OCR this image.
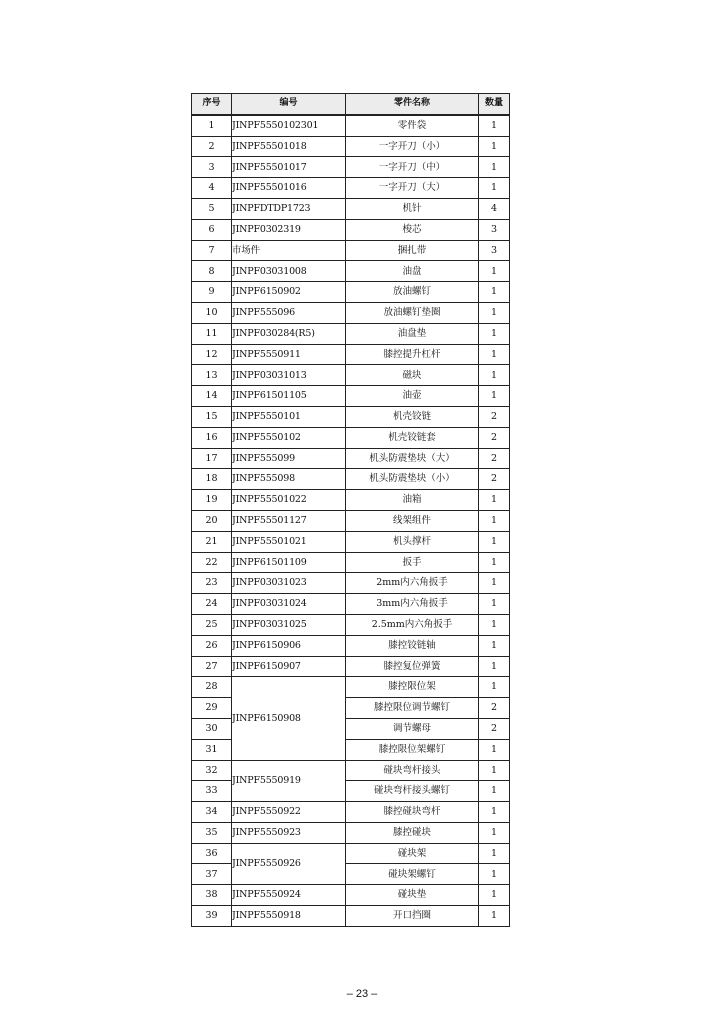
序号	编号	零件名称	数量
1	JINPF5550102301	零件袋	1
2	JINPF55501018	一字开刀（小）	1
3	JINPF55501017	一字开刀（中）	1
4	JINPF55501016	一字开刀（大）	1
5	JINPFDTDP1723	机针	4
6	JINPF0302319	梭芯	3
7	市场件	捆扎带	3
8	JINPF03031008	油盘	1
9	JINPF6150902	放油螺钉	1
10	JINPF555096	放油螺钉垫圈	1
11	JINPF030284(R5)	油盘垫	1
12	JINPF5550911	膝控提升杠杆	1
13	JINPF03031013	磁块	1
14	JINPF61501105	油壶	1
15	JINPF5550101	机壳铰链	2
16	JINPF5550102	机壳铰链套	2
17	JINPF555099	机头防震垫块（大）	2
18	JINPF555098	机头防震垫块（小）	2
19	JINPF55501022	油箱	1
20	JINPF55501127	线架组件	1
21	JINPF55501021	机头撑杆	1
22	JINPF61501109	扳手	1
23	JINPF03031023	2mm内六角扳手	1
24	JINPF03031024	3mm内六角扳手	1
25	JINPF03031025	2.5mm内六角扳手	1
26	JINPF6150906	膝控铰链轴	1
27	JINPF6150907	膝控复位弹簧	1
28	JINPF6150908	膝控限位架	1
29		膝控限位调节螺钉	2
30		调节螺母	2
31		膝控限位架螺钉	1
32	JINPF5550919	碰块弯杆接头	1
33		碰块弯杆接头螺钉	1
34	JINPF5550922	膝控碰块弯杆	1
35	JINPF5550923	膝控碰块	1
36	JINPF5550926	碰块架	1
37		碰块架螺钉	1
38	JINPF5550924	碰块垫	1
39	JINPF5550918	开口挡圈	1
– 23 –
